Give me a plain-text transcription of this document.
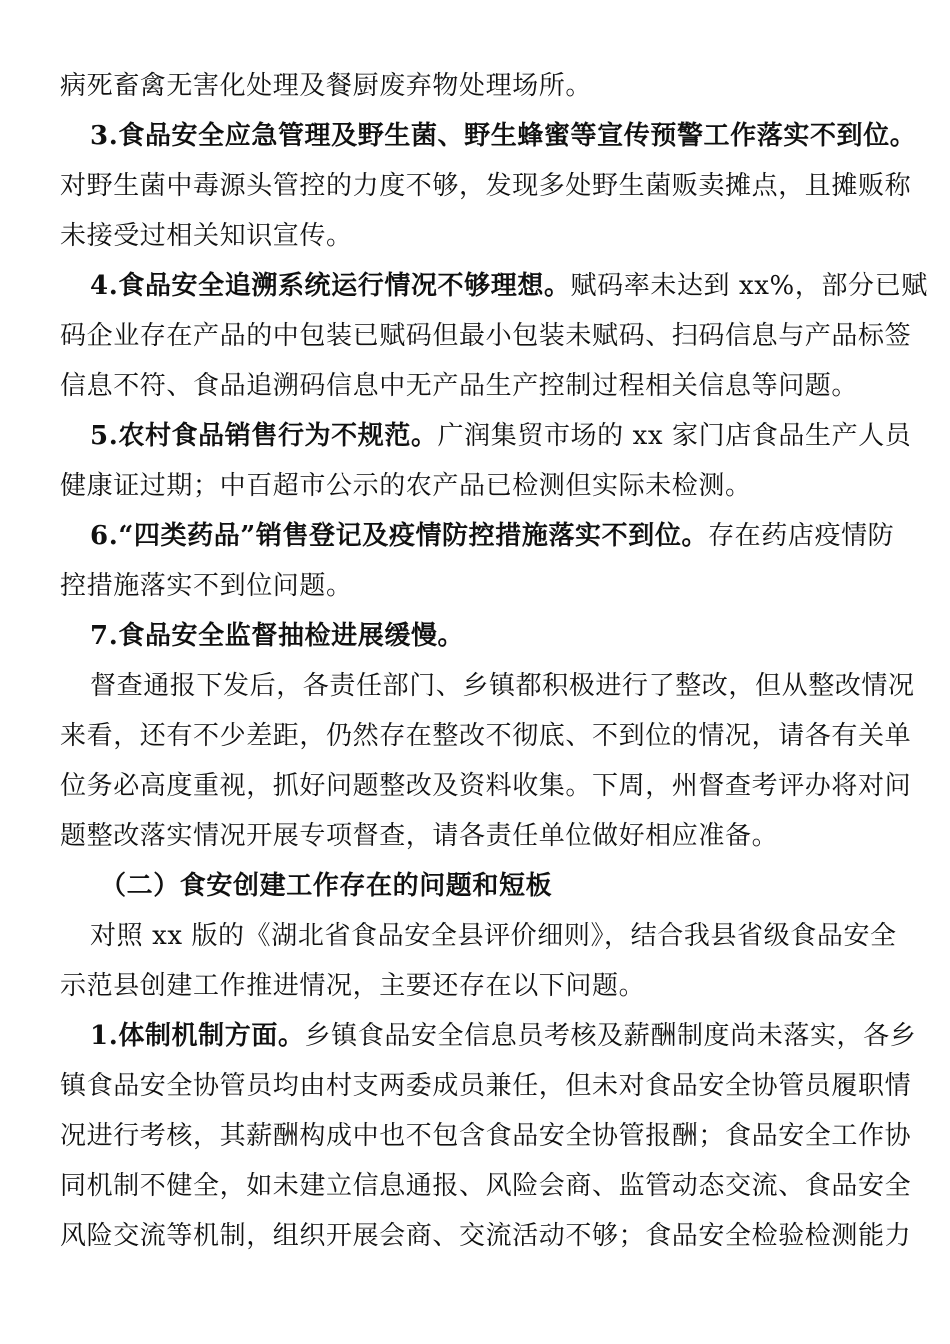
病死畜禽无害化处理及餐厨废弃物处理场所。
3.食品安全应急管理及野生菌、野生蜂蜜等宣传预警工作落实不到位。
对野生菌中毒源头管控的力度不够，发现多处野生菌贩卖摊点，且摊贩称
未接受过相关知识宣传。
4.食品安全追溯系统运行情况不够理想。赋码率未达到 xx%，部分已赋
码企业存在产品的中包装已赋码但最小包装未赋码、扫码信息与产品标签
信息不符、食品追溯码信息中无产品生产控制过程相关信息等问题。
5.农村食品销售行为不规范。广润集贸市场的 xx 家门店食品生产人员
健康证过期；中百超市公示的农产品已检测但实际未检测。
6.“四类药品”销售登记及疫情防控措施落实不到位。存在药店疫情防
控措施落实不到位问题。
7.食品安全监督抽检进展缓慢。
督查通报下发后，各责任部门、乡镇都积极进行了整改，但从整改情况
来看，还有不少差距，仍然存在整改不彻底、不到位的情况，请各有关单
位务必高度重视，抓好问题整改及资料收集。下周，州督查考评办将对问
题整改落实情况开展专项督查，请各责任单位做好相应准备。
（二）食安创建工作存在的问题和短板
对照 xx 版的《湖北省食品安全县评价细则》，结合我县省级食品安全
示范县创建工作推进情况，主要还存在以下问题。
1.体制机制方面。乡镇食品安全信息员考核及薪酬制度尚未落实，各乡
镇食品安全协管员均由村支两委成员兼任，但未对食品安全协管员履职情
况进行考核，其薪酬构成中也不包含食品安全协管报酬；食品安全工作协
同机制不健全，如未建立信息通报、风险会商、监管动态交流、食品安全
风险交流等机制，组织开展会商、交流活动不够；食品安全检验检测能力
